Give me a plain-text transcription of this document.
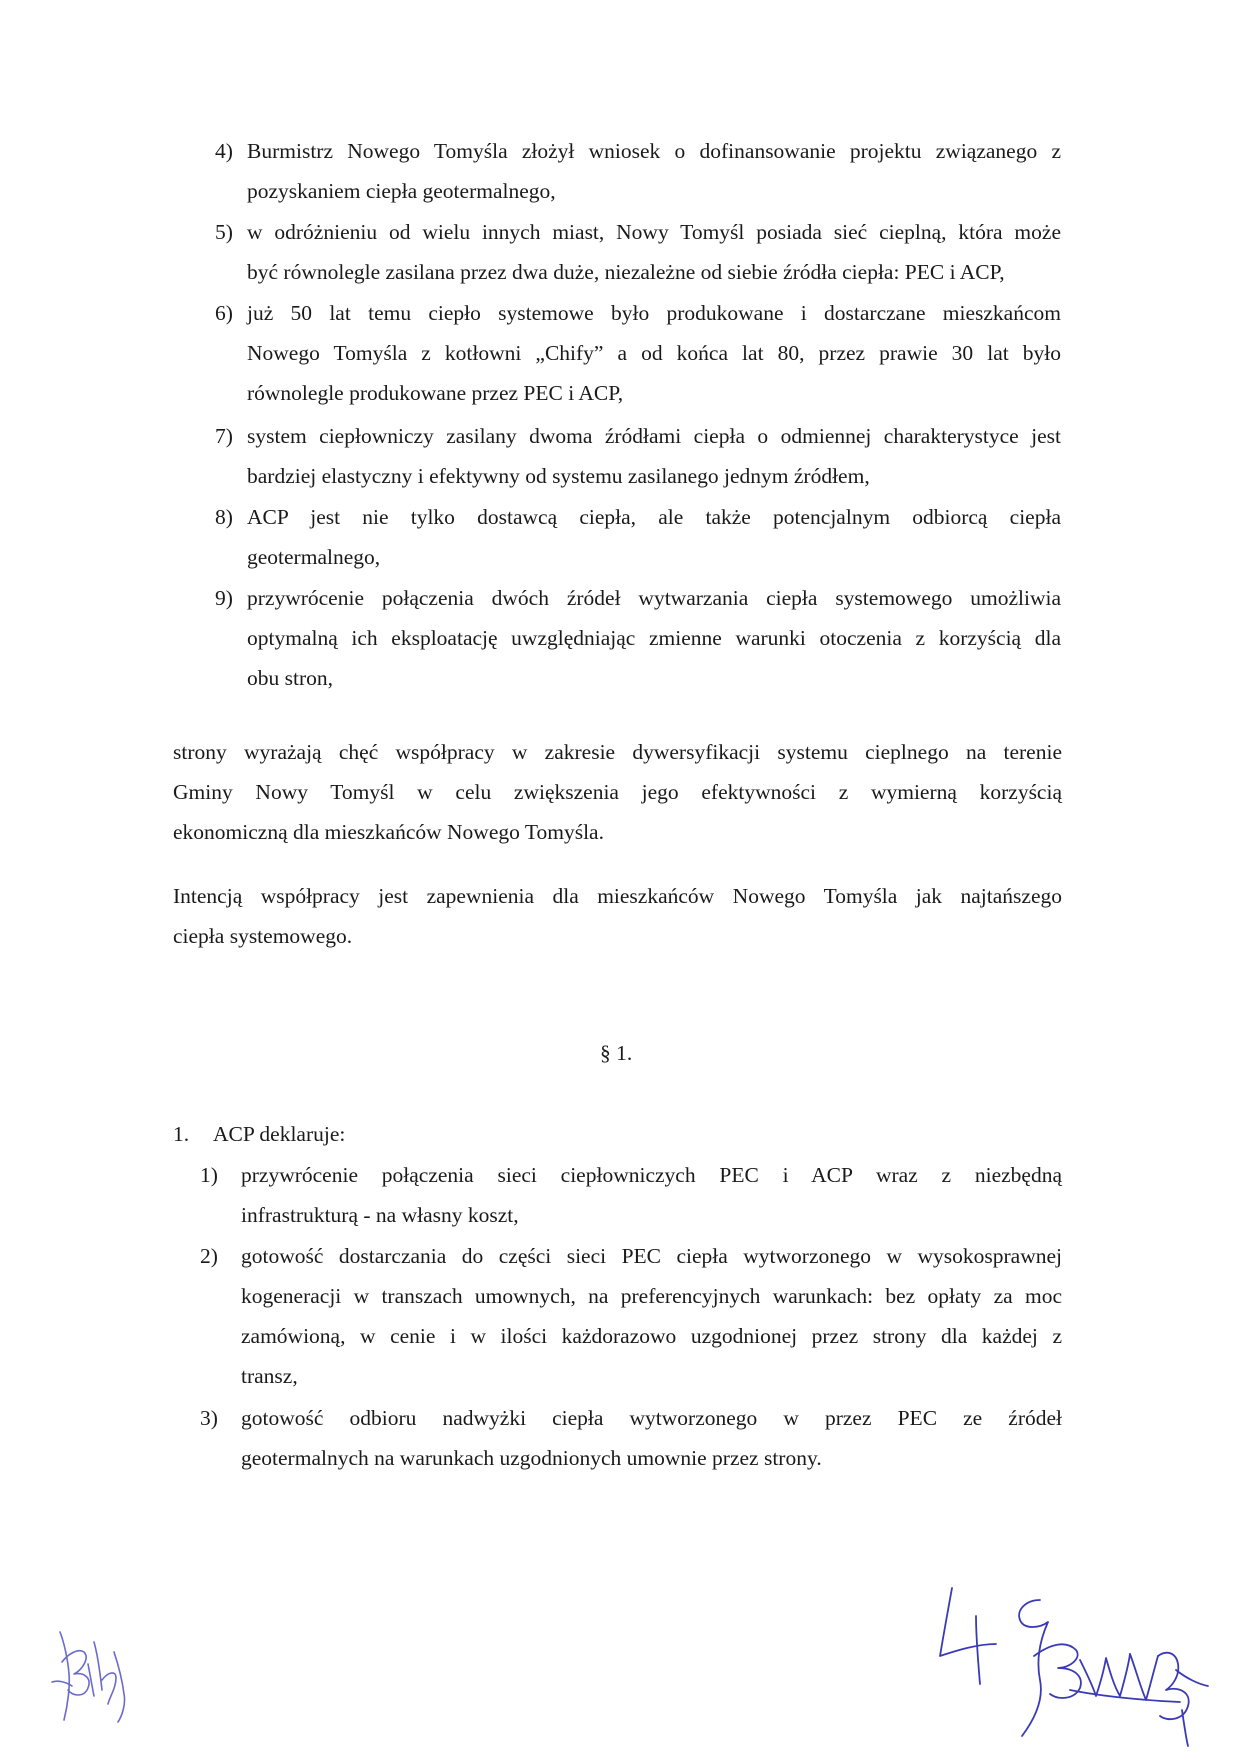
4) Burmistrz Nowego Tomyśla złożył wniosek o dofinansowanie projektu związanego z
pozyskaniem ciepła geotermalnego,
5) w odróżnieniu od wielu innych miast, Nowy Tomyśl posiada sieć cieplną, która może
być równolegle zasilana przez dwa duże, niezależne od siebie źródła ciepła: PEC i ACP,
6) już 50 lat temu ciepło systemowe było produkowane i dostarczane mieszkańcom
Nowego Tomyśla z kotłowni „Chify” a od końca lat 80, przez prawie 30 lat było
równolegle produkowane przez PEC i ACP,
7) system ciepłowniczy zasilany dwoma źródłami ciepła o odmiennej charakterystyce jest
bardziej elastyczny i efektywny od systemu zasilanego jednym źródłem,
8) ACP jest nie tylko dostawcą ciepła, ale także potencjalnym odbiorcą ciepła
geotermalnego,
9) przywrócenie połączenia dwóch źródeł wytwarzania ciepła systemowego umożliwia
optymalną ich eksploatację uwzględniając zmienne warunki otoczenia z korzyścią dla
obu stron,
strony wyrażają chęć współpracy w zakresie dywersyfikacji systemu cieplnego na terenie
Gminy Nowy Tomyśl w celu zwiększenia jego efektywności z wymierną korzyścią
ekonomiczną dla mieszkańców Nowego Tomyśla.
Intencją współpracy jest zapewnienia dla mieszkańców Nowego Tomyśla jak najtańszego
ciepła systemowego.
§ 1.
1. ACP deklaruje:
1)	przywrócenie połączenia sieci ciepłowniczych PEC i ACP wraz z niezbędną
infrastrukturą - na własny koszt,
2)	gotowość dostarczania do części sieci PEC ciepła wytworzonego w wysokosprawnej
kogeneracji w transzach umownych, na preferencyjnych warunkach: bez opłaty za moc
zamówioną, w cenie i w ilości każdorazowo uzgodnionej przez strony dla każdej z
transz,
3)	gotowość odbioru nadwyżki ciepła wytworzonego w przez PEC ze źródeł
geotermalnych na warunkach uzgodnionych umownie przez strony.
